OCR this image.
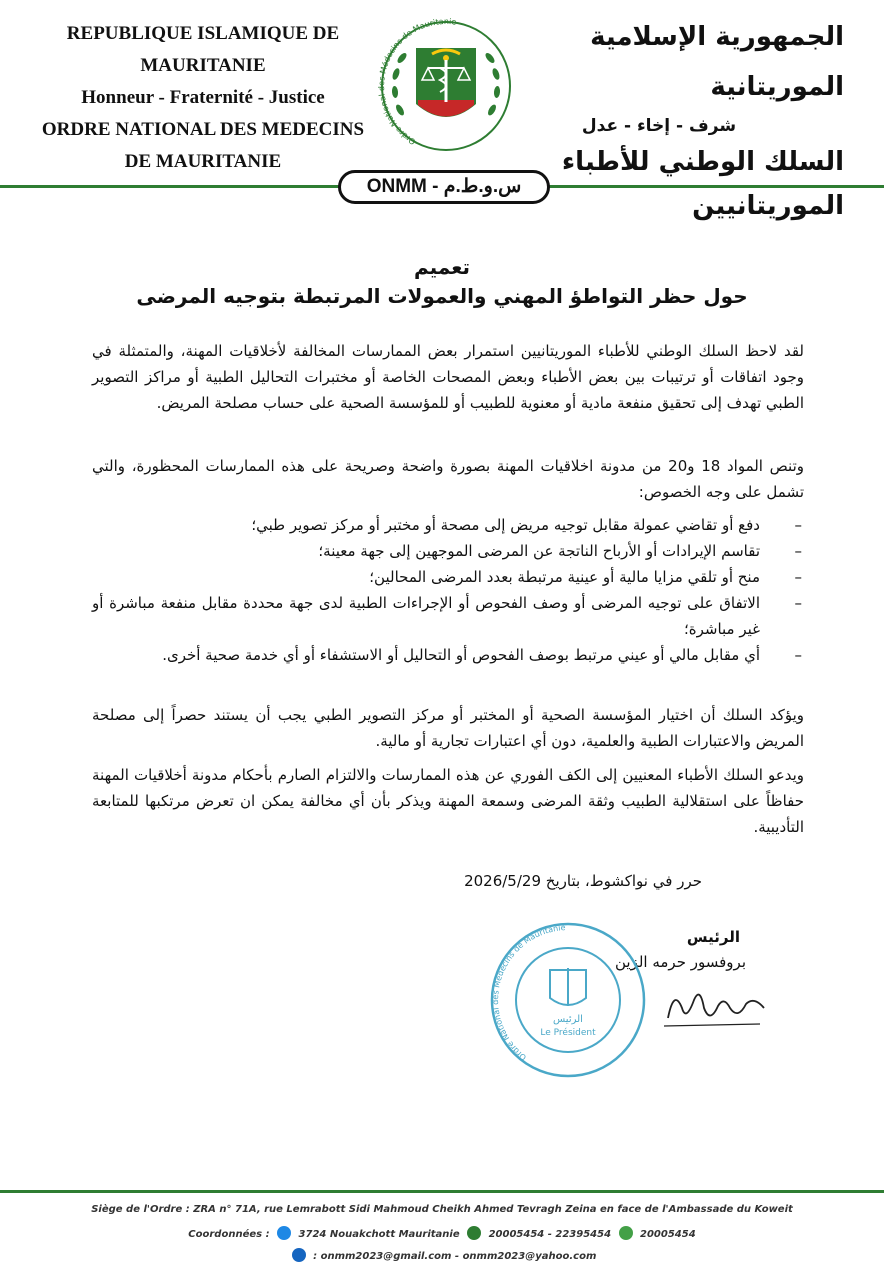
REPUBLIQUE ISLAMIQUE DE MAURITANIE
Honneur - Fraternité - Justice
ORDRE NATIONAL DES MEDECINS
DE MAURITANIE
Ordre National des Médecins de Mauritanie
الجمهورية الإسلامية الموريتانية
شرف - إخاء - عدل
السلك الوطني للأطباء الموريتانيين
ONMM - س.و.ط.م
تعميم
حول حظر التواطؤ المهني والعمولات المرتبطة بتوجيه المرضى
لقد لاحظ السلك الوطني للأطباء الموريتانيين استمرار بعض الممارسات المخالفة لأخلاقيات المهنة، والمتمثلة في وجود اتفاقات أو ترتيبات بين بعض الأطباء وبعض المصحات الخاصة أو مختبرات التحاليل الطبية أو مراكز التصوير الطبي تهدف إلى تحقيق منفعة مادية أو معنوية للطبيب أو للمؤسسة الصحية على حساب مصلحة المريض.
وتنص المواد 18 و20 من مدونة اخلاقيات المهنة بصورة واضحة وصريحة على هذه الممارسات المحظورة، والتي تشمل على وجه الخصوص:
– دفع أو تقاضي عمولة مقابل توجيه مريض إلى مصحة أو مختبر أو مركز تصوير طبي؛
– تقاسم الإيرادات أو الأرباح الناتجة عن المرضى الموجهين إلى جهة معينة؛
– منح أو تلقي مزايا مالية أو عينية مرتبطة بعدد المرضى المحالين؛
– الاتفاق على توجيه المرضى أو وصف الفحوص أو الإجراءات الطبية لدى جهة محددة مقابل منفعة مباشرة أو غير مباشرة؛
– أي مقابل مالي أو عيني مرتبط بوصف الفحوص أو التحاليل أو الاستشفاء أو أي خدمة صحية أخرى.
ويؤكد السلك أن اختيار المؤسسة الصحية أو المختبر أو مركز التصوير الطبي يجب أن يستند حصراً إلى مصلحة المريض والاعتبارات الطبية والعلمية، دون أي اعتبارات تجارية أو مالية.
ويدعو السلك الأطباء المعنيين إلى الكف الفوري عن هذه الممارسات والالتزام الصارم بأحكام مدونة أخلاقيات المهنة حفاظاً على استقلالية الطبيب وثقة المرضى وسمعة المهنة ويذكر بأن أي مخالفة يمكن ان تعرض مرتكبها للمتابعة التأديبية.
حرر في نواكشوط، بتاريخ 2026/5/29
الرئيس
بروفسور حرمه الزين
Ordre National des Médecins de Mauritanie
الرئيس
Le Président
Siège de l'Ordre : ZRA n° 71A, rue Lemrabott Sidi Mahmoud Cheikh Ahmed Tevragh Zeina en face de l'Ambassade du Koweit
Coordonnées :	3724 Nouakchott Mauritanie	20005454 - 22395454	20005454
: onmm2023@gmail.com - onmm2023@yahoo.com
